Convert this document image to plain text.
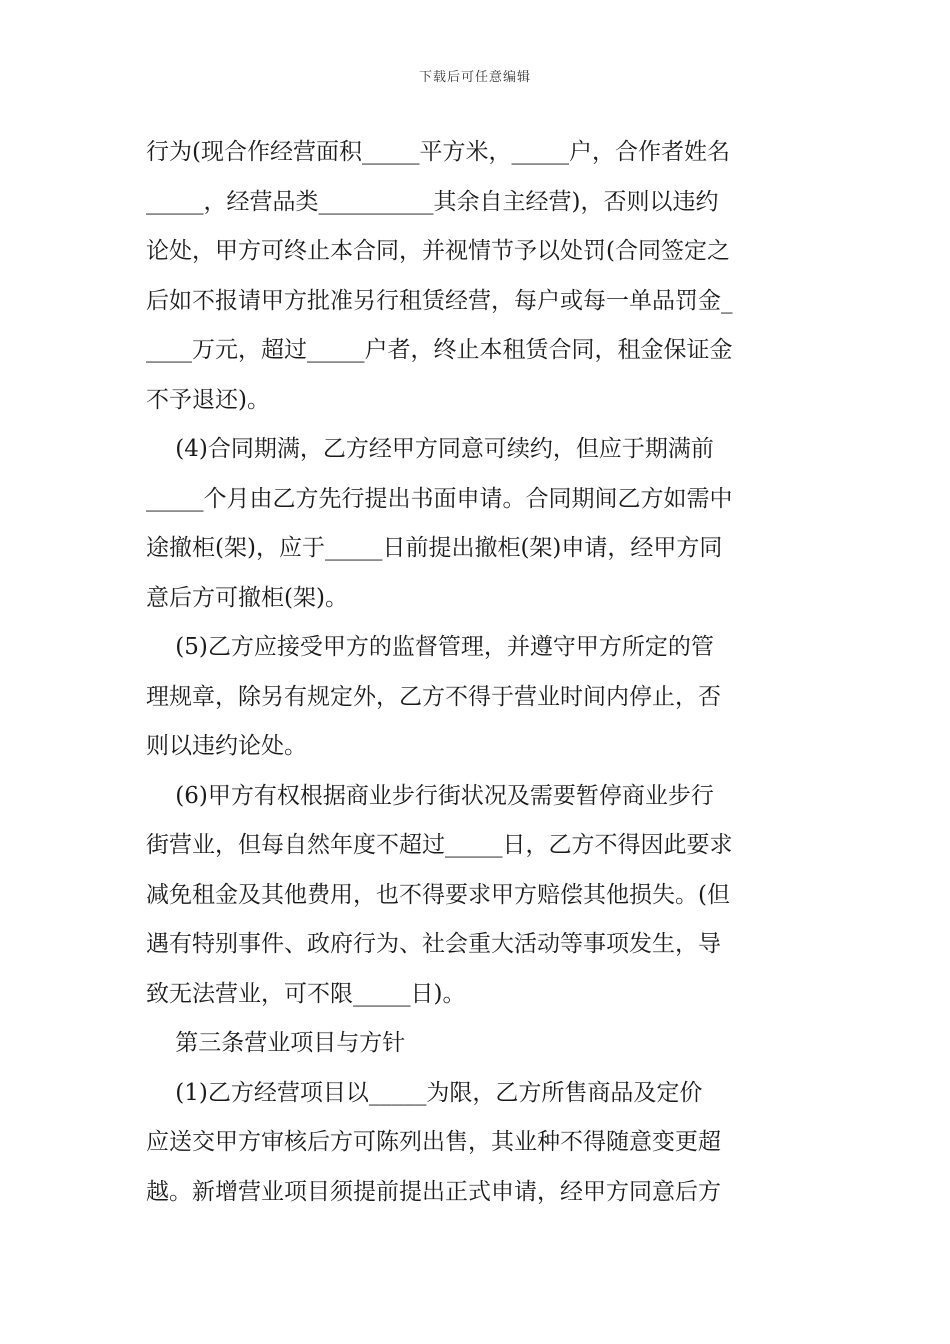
下载后可任意编辑
行为(现合作经营面积_____平方米，_____户，合作者姓名
_____，经营品类__________其余自主经营)，否则以违约
论处，甲方可终止本合同，并视情节予以处罚(合同签定之
后如不报请甲方批准另行租赁经营，每户或每一单品罚金_
____万元，超过_____户者，终止本租赁合同，租金保证金
不予退还)。
(4)合同期满，乙方经甲方同意可续约，但应于期满前
_____个月由乙方先行提出书面申请。合同期间乙方如需中
途撤柜(架)，应于_____日前提出撤柜(架)申请，经甲方同
意后方可撤柜(架)。
(5)乙方应接受甲方的监督管理，并遵守甲方所定的管
理规章，除另有规定外，乙方不得于营业时间内停止，否
则以违约论处。
(6)甲方有权根据商业步行街状况及需要暂停商业步行
街营业，但每自然年度不超过_____日，乙方不得因此要求
减免租金及其他费用，也不得要求甲方赔偿其他损失。(但
遇有特别事件、政府行为、社会重大活动等事项发生，导
致无法营业，可不限_____日)。
第三条营业项目与方针
(1)乙方经营项目以_____为限，乙方所售商品及定价
应送交甲方审核后方可陈列出售，其业种不得随意变更超
越。新增营业项目须提前提出正式申请，经甲方同意后方
